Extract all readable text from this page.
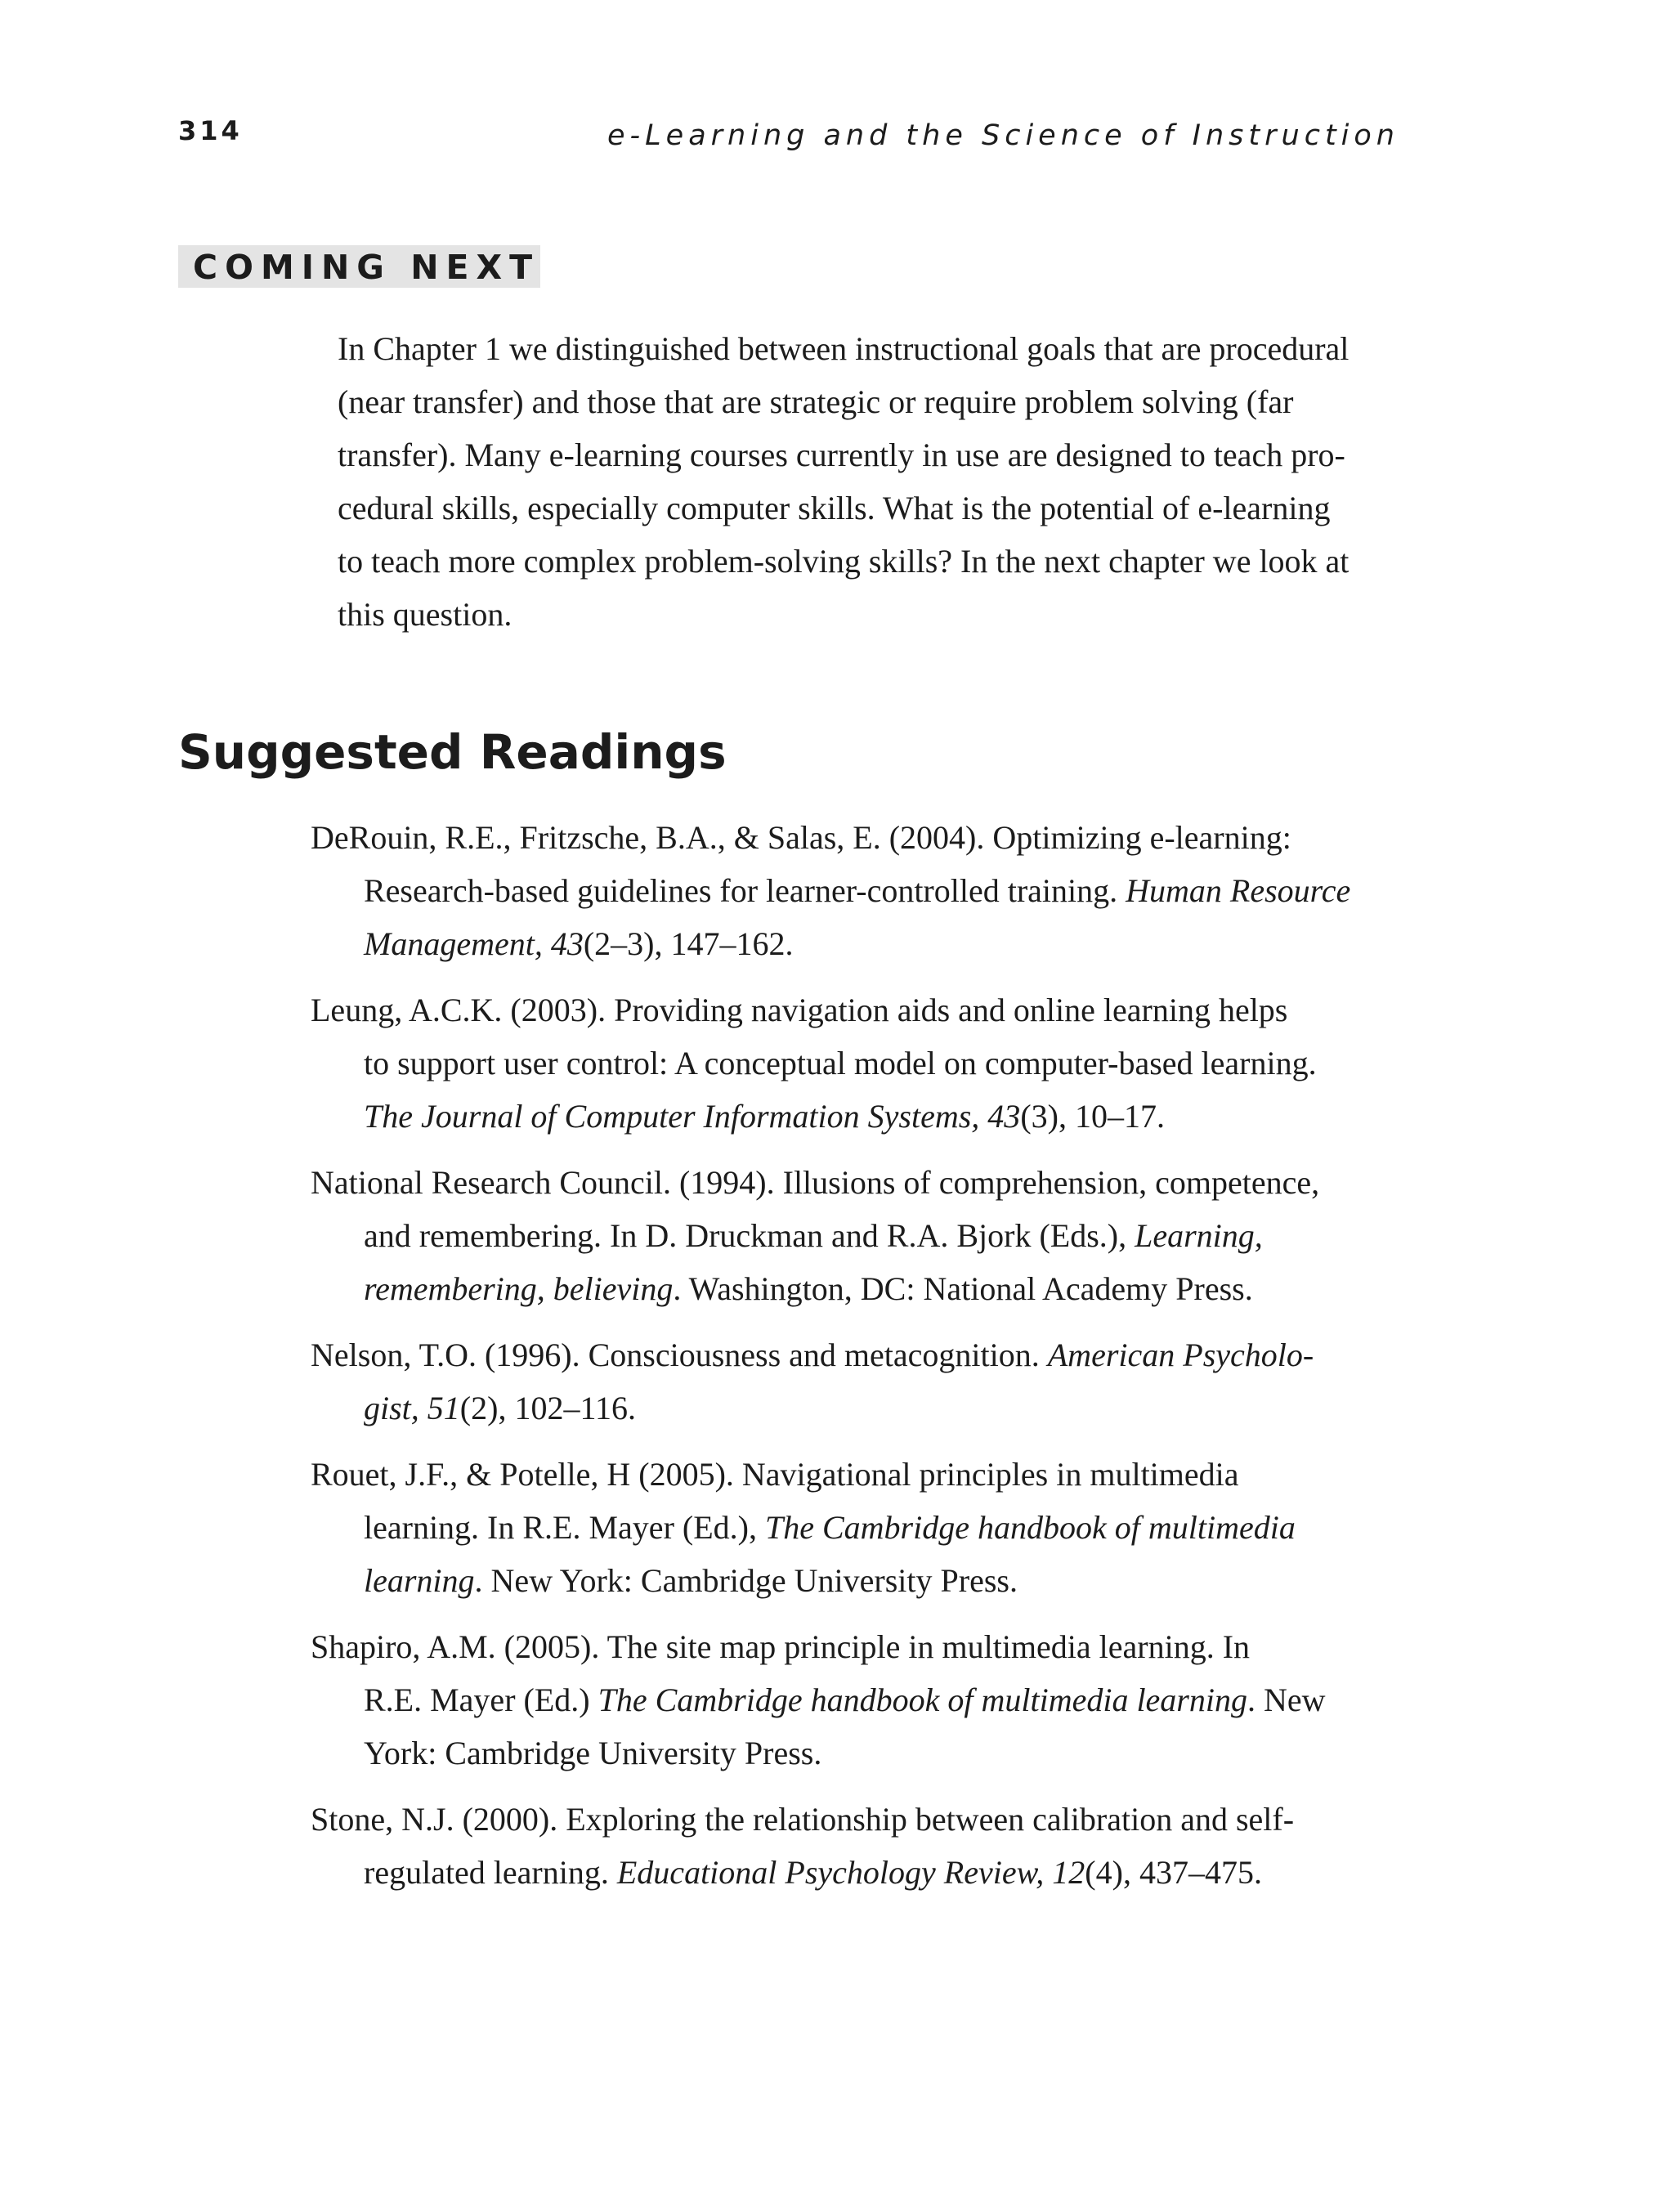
314	e-Learning and the Science of Instruction
COMING NEXT
In Chapter 1 we distinguished between instructional goals that are procedural
(near transfer) and those that are strategic or require problem solving (far
transfer). Many e-learning courses currently in use are designed to teach pro-
cedural skills, especially computer skills. What is the potential of e-learning
to teach more complex problem-solving skills? In the next chapter we look at
this question.
Suggested Readings
DeRouin, R.E., Fritzsche, B.A., & Salas, E. (2004). Optimizing e-learning:
Research-based guidelines for learner-controlled training. Human Resource
Management, 43(2–3), 147–162.
Leung, A.C.K. (2003). Providing navigation aids and online learning helps
to support user control: A conceptual model on computer-based learning.
The Journal of Computer Information Systems, 43(3), 10–17.
National Research Council. (1994). Illusions of comprehension, competence,
and remembering. In D. Druckman and R.A. Bjork (Eds.), Learning,
remembering, believing. Washington, DC: National Academy Press.
Nelson, T.O. (1996). Consciousness and metacognition. American Psycholo-
gist, 51(2), 102–116.
Rouet, J.F., & Potelle, H (2005). Navigational principles in multimedia
learning. In R.E. Mayer (Ed.), The Cambridge handbook of multimedia
learning. New York: Cambridge University Press.
Shapiro, A.M. (2005). The site map principle in multimedia learning. In
R.E. Mayer (Ed.) The Cambridge handbook of multimedia learning. New
York: Cambridge University Press.
Stone, N.J. (2000). Exploring the relationship between calibration and self-
regulated learning. Educational Psychology Review, 12(4), 437–475.
